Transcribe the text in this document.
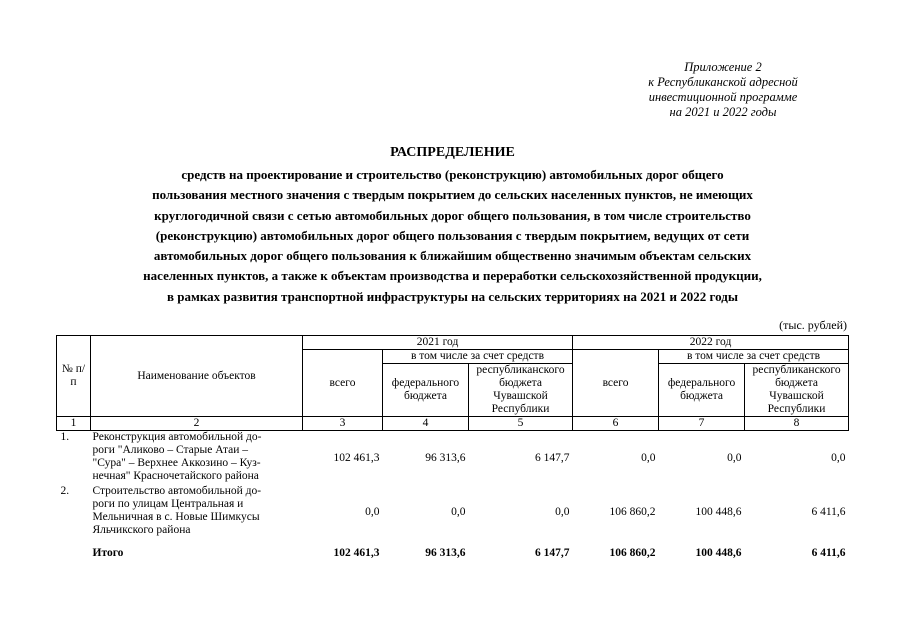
Приложение 2
к Республиканской адресной
инвестиционной программе
на 2021 и 2022 годы
РАСПРЕДЕЛЕНИЕ
средств на проектирование и строительство (реконструкцию) автомобильных дорог общего
пользования местного значения с твердым покрытием до сельских населенных пунктов, не имеющих
круглогодичной связи с сетью автомобильных дорог общего пользования, в том числе строительство
(реконструкцию) автомобильных дорог общего пользования с твердым покрытием, ведущих от сети
автомобильных дорог общего пользования к ближайшим общественно значимым объектам сельских
населенных пунктов, а также к объектам производства и переработки сельскохозяйственной продукции,
в рамках развития транспортной инфраструктуры на сельских территориях на 2021 и 2022 годы
(тыс. рублей)
№ п/п	Наименование объектов	2021 год			2022 год		
		всего	в том числе за счет средств		всего	в том числе за счет средств	
			федерального бюджета	республиканского бюджета Чувашской Республики		федерального бюджета	республиканского бюджета Чувашской Республики
1	2	3	4	5	6	7	8
1.	Реконструкция автомобильной до-
роги "Аликово – Старые Атаи –
"Сура" – Верхнее Аккозино – Куз-
нечная" Красночетайского района	102 461,3	96 313,6	6 147,7	0,0	0,0	0,0
2.	Строительство автомобильной до-
роги по улицам Центральная и
Мельничная в с. Новые Шимкусы
Яльчикского района	0,0	0,0	0,0	106 860,2	100 448,6	6 411,6
	Итого	102 461,3	96 313,6	6 147,7	106 860,2	100 448,6	6 411,6
